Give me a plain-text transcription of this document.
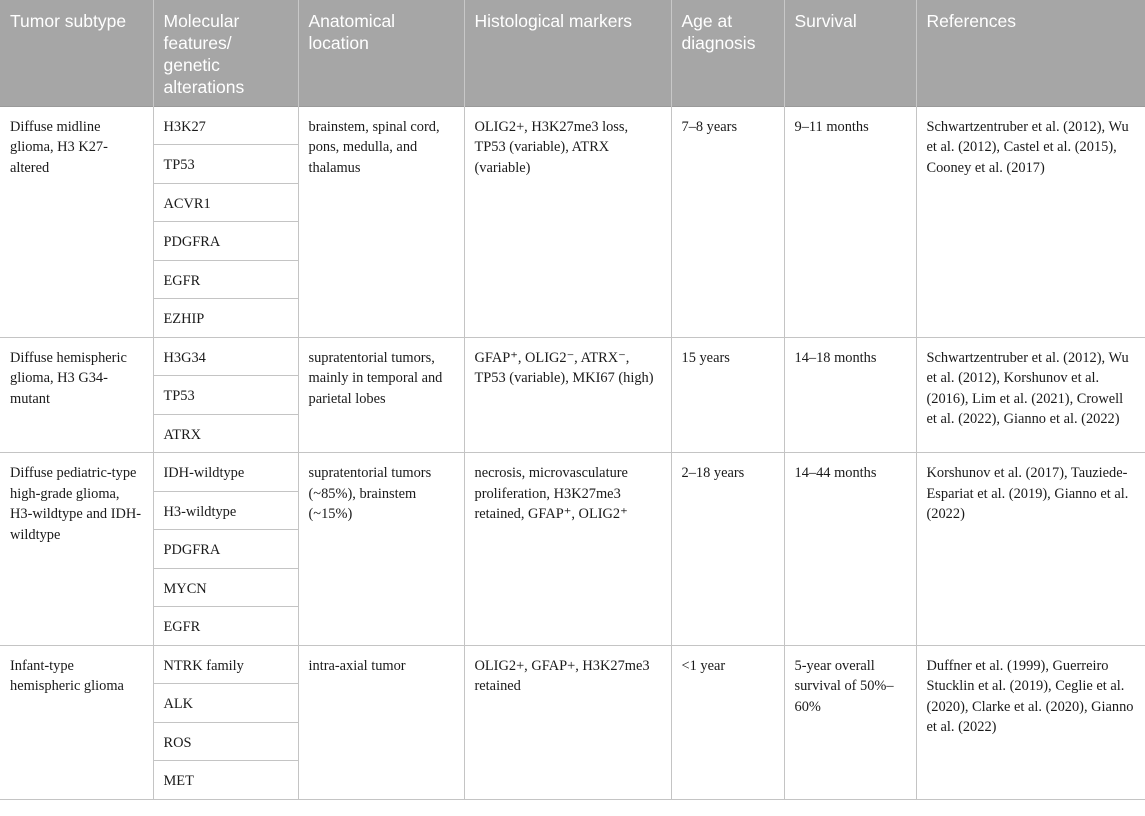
Tumor subtype	Molecular features/ genetic alterations	Anatomical location	Histological markers	Age at diagnosis	Survival	References
Diffuse midline glioma, H3 K27-altered	H3K27	brainstem, spinal cord, pons, medulla, and thalamus	OLIG2+, H3K27me3 loss, TP53 (variable), ATRX (variable)	7–8 years	9–11 months	Schwartzentruber et al. (2012), Wu et al. (2012), Castel et al. (2015), Cooney et al. (2017)
	TP53					
	ACVR1					
	PDGFRA					
	EGFR					
	EZHIP					
Diffuse hemispheric glioma, H3 G34-mutant	H3G34	supratentorial tumors, mainly in temporal and parietal lobes	GFAP⁺, OLIG2⁻, ATRX⁻, TP53 (variable), MKI67 (high)	15 years	14–18 months	Schwartzentruber et al. (2012), Wu et al. (2012), Korshunov et al. (2016), Lim et al. (2021), Crowell et al. (2022), Gianno et al. (2022)
	TP53					
	ATRX					
Diffuse pediatric-type high-grade glioma, H3-wildtype and IDH-wildtype	IDH-wildtype	supratentorial tumors (~85%), brainstem (~15%)	necrosis, microvasculature proliferation, H3K27me3 retained, GFAP⁺, OLIG2⁺	2–18 years	14–44 months	Korshunov et al. (2017), Tauziede-Espariat et al. (2019), Gianno et al. (2022)
	H3-wildtype					
	PDGFRA					
	MYCN					
	EGFR					
Infant-type hemispheric glioma	NTRK family	intra-axial tumor	OLIG2+, GFAP+, H3K27me3 retained	<1 year	5-year overall survival of 50%–60%	Duffner et al. (1999), Guerreiro Stucklin et al. (2019), Ceglie et al. (2020), Clarke et al. (2020), Gianno et al. (2022)
	ALK					
	ROS					
	MET					
